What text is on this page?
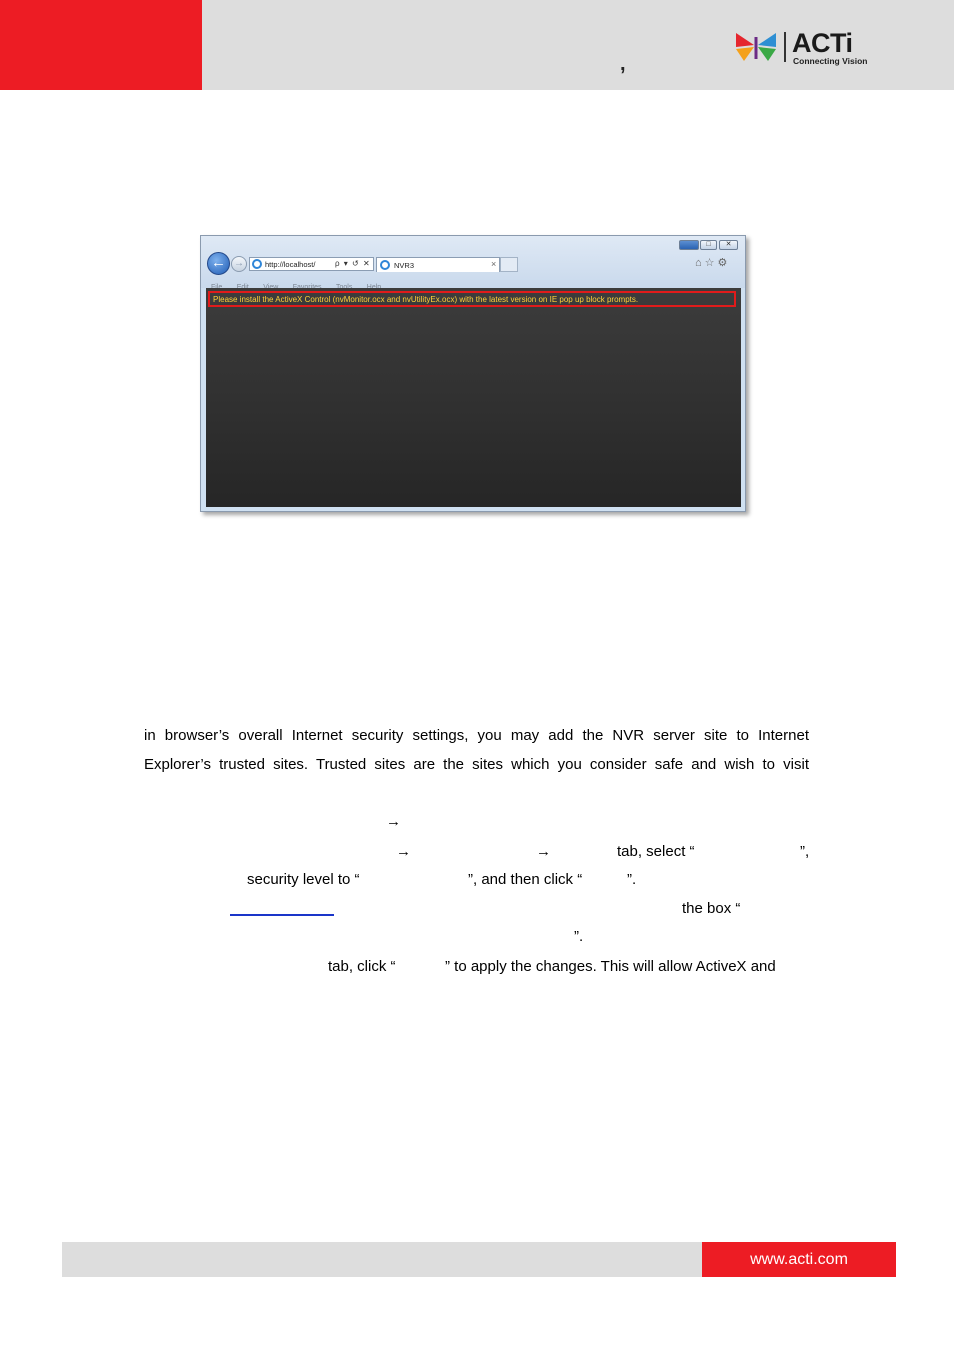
,
ACTi
Connecting Vision
□	✕
← →	http://localhost/ ρ ▾ ↺ ✕	NVR3	×	⌂☆⚙
Please install the ActiveX Control (nvMonitor.ocx and nvUtilityEx.ocx) with the latest version on IE pop up block prompts.
in browser’s overall Internet security settings, you may add the NVR server site to Internet
Explorer’s trusted sites. Trusted sites are the sites which you consider safe and wish to visit
→
→	→	tab, select “	”,
security level to “	”, and then click “	”.
the box “
”.
tab, click “	” to apply the changes. This will allow ActiveX and
www.acti.com
